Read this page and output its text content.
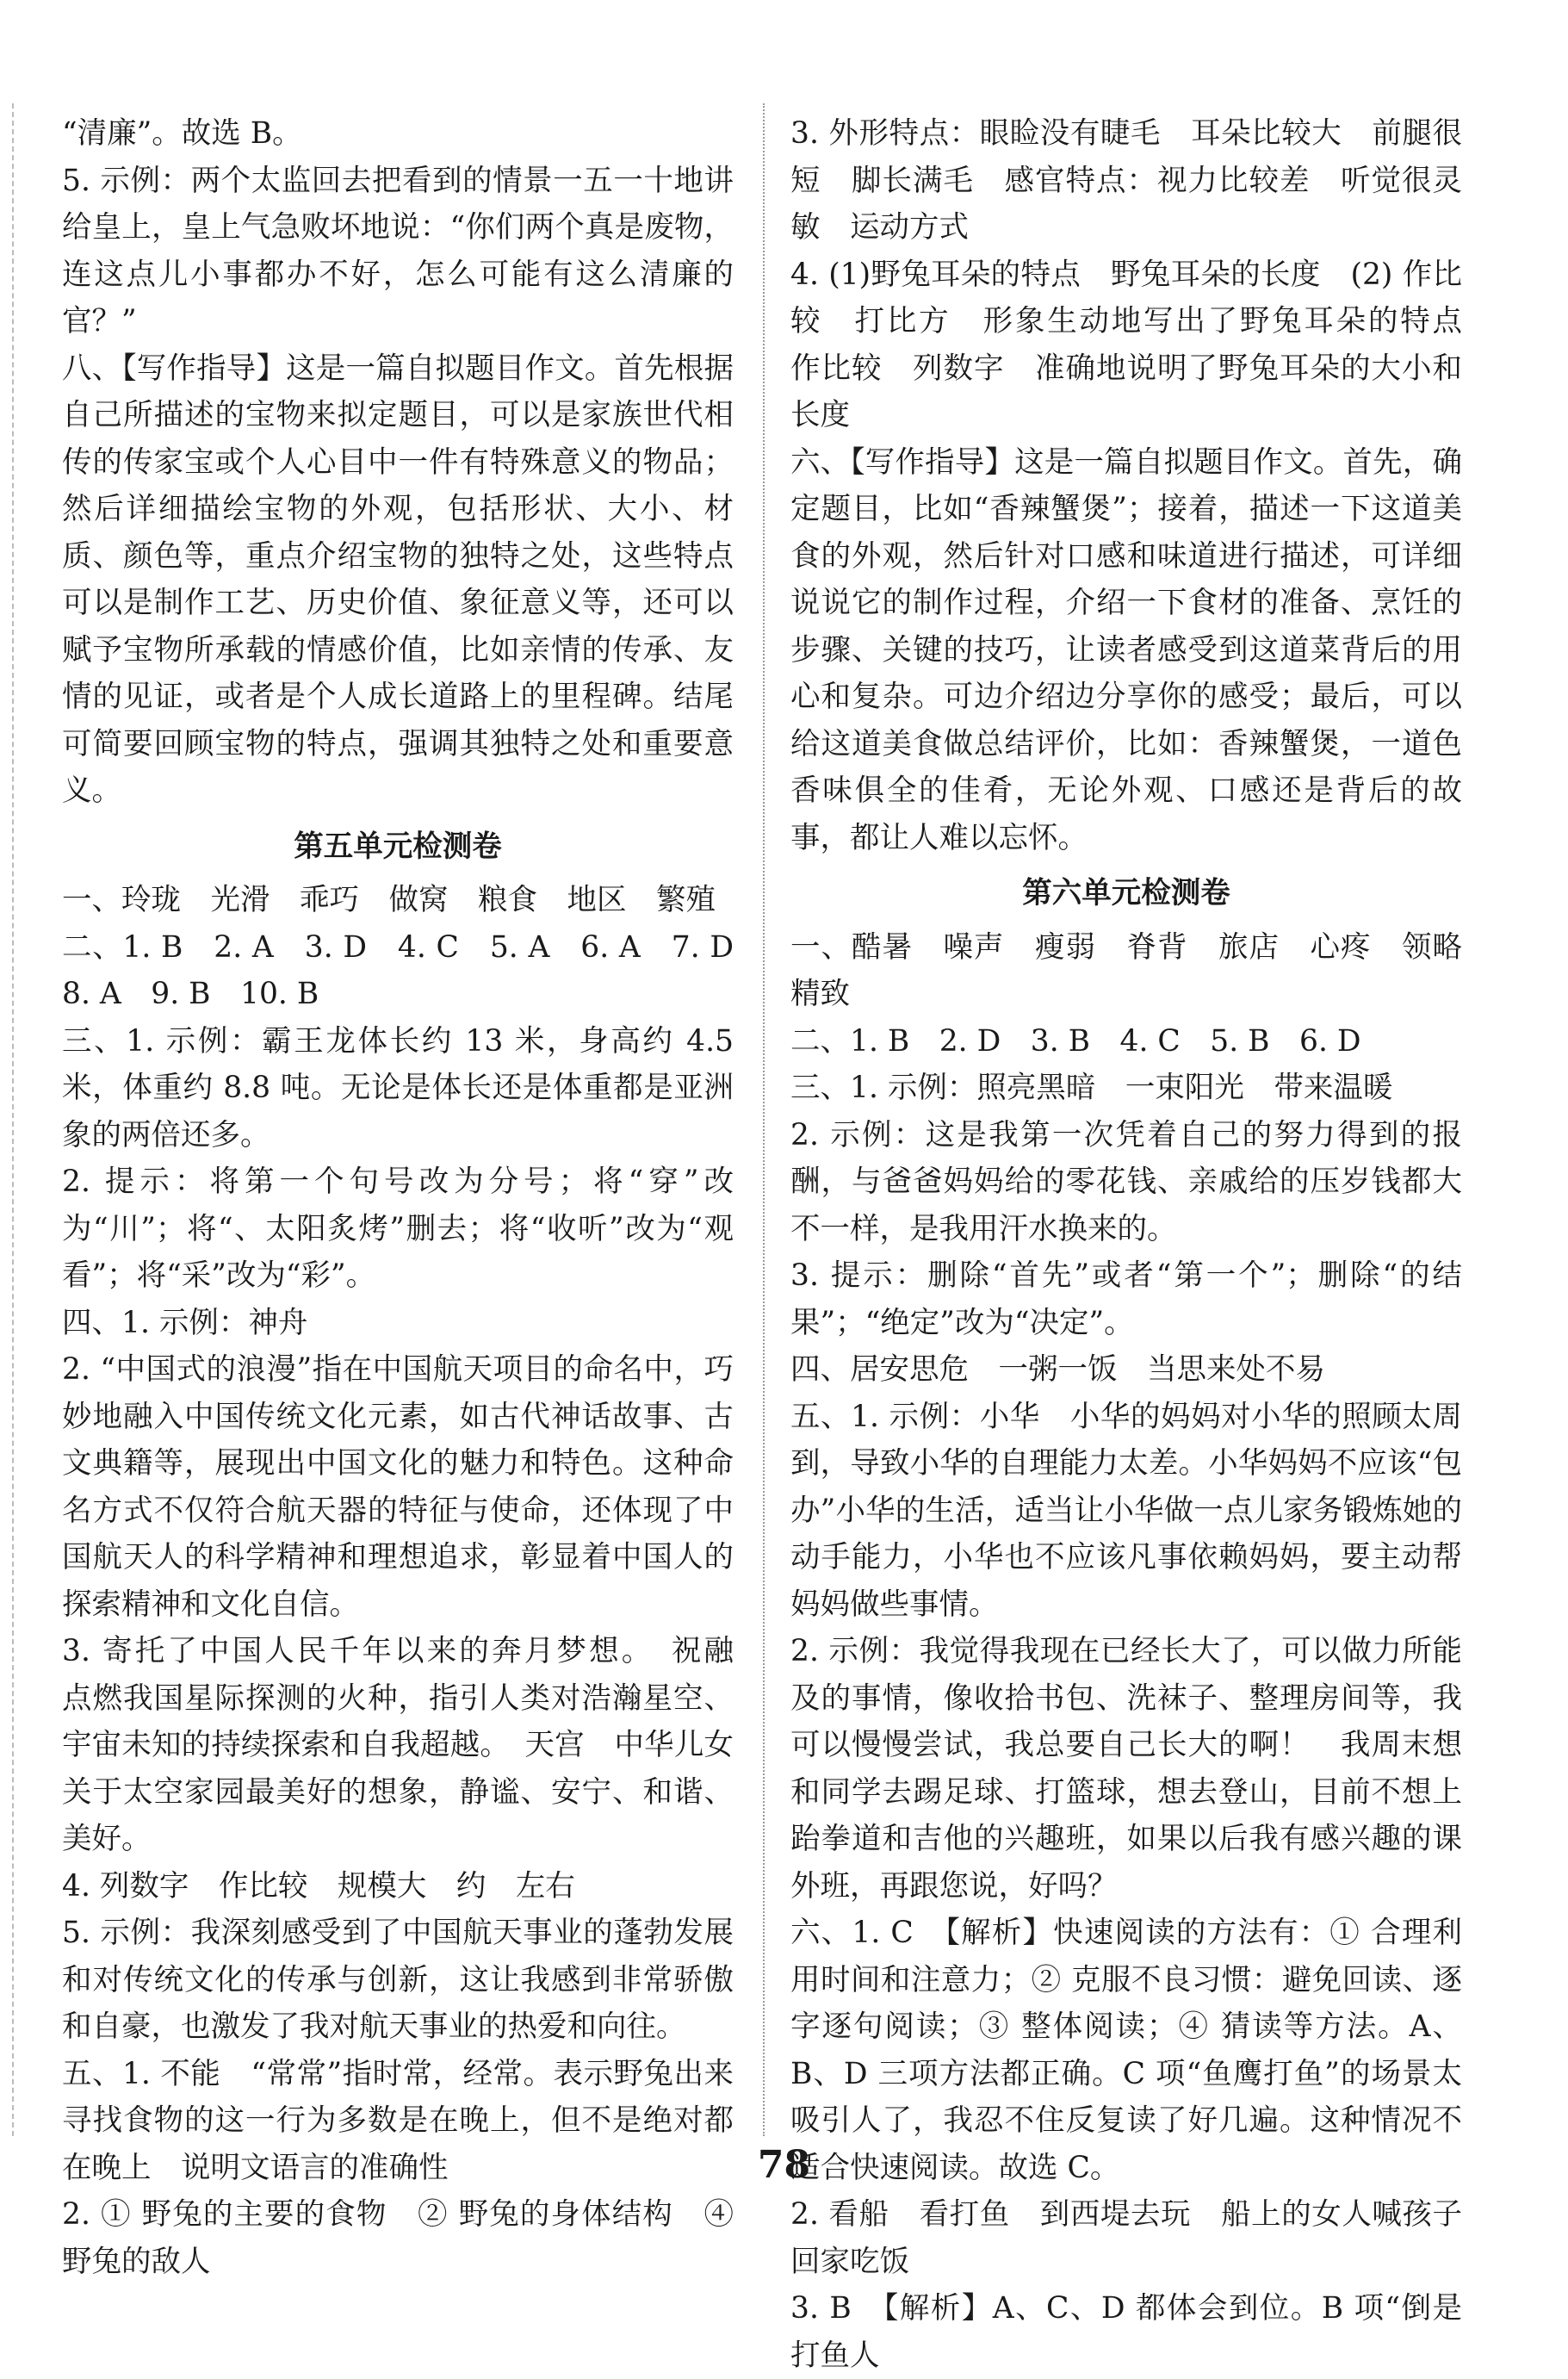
“清廉”。故选 B。

5. 示例：两个太监回去把看到的情景一五一十地讲给皇上，皇上气急败坏地说：“你们两个真是废物，连这点儿小事都办不好，怎么可能有这么清廉的官？”

八、【写作指导】这是一篇自拟题目作文。首先根据自己所描述的宝物来拟定题目，可以是家族世代相传的传家宝或个人心目中一件有特殊意义的物品；然后详细描绘宝物的外观，包括形状、大小、材质、颜色等，重点介绍宝物的独特之处，这些特点可以是制作工艺、历史价值、象征意义等，还可以赋予宝物所承载的情感价值，比如亲情的传承、友情的见证，或者是个人成长道路上的里程碑。结尾可简要回顾宝物的特点，强调其独特之处和重要意义。

第五单元检测卷

一、玲珑　光滑　乖巧　做窝　粮食　地区　繁殖

二、1. B　2. A　3. D　4. C　5. A　6. A　7. D　8. A　9. B　10. B

三、1. 示例：霸王龙体长约 13 米，身高约 4.5 米，体重约 8.8 吨。无论是体长还是体重都是亚洲象的两倍还多。

2. 提示：将第一个句号改为分号；将“穿”改为“川”；将“、太阳炙烤”删去；将“收听”改为“观看”；将“采”改为“彩”。

四、1. 示例：神舟

2. “中国式的浪漫”指在中国航天项目的命名中，巧妙地融入中国传统文化元素，如古代神话故事、古文典籍等，展现出中国文化的魅力和特色。这种命名方式不仅符合航天器的特征与使命，还体现了中国航天人的科学精神和理想追求，彰显着中国人的探索精神和文化自信。

3. 寄托了中国人民千年以来的奔月梦想。　祝融　点燃我国星际探测的火种，指引人类对浩瀚星空、宇宙未知的持续探索和自我超越。　天宫　中华儿女关于太空家园最美好的想象，静谧、安宁、和谐、美好。

4. 列数字　作比较　规模大　约　左右

5. 示例：我深刻感受到了中国航天事业的蓬勃发展和对传统文化的传承与创新，这让我感到非常骄傲和自豪，也激发了我对航天事业的热爱和向往。

五、1. 不能　“常常”指时常，经常。表示野兔出来寻找食物的这一行为多数是在晚上，但不是绝对都在晚上　说明文语言的准确性

2. ① 野兔的主要的食物　② 野兔的身体结构　④ 野兔的敌人

3. 外形特点：眼睑没有睫毛　耳朵比较大　前腿很短　脚长满毛　感官特点：视力比较差　听觉很灵敏　运动方式

4. (1)野兔耳朵的特点　野兔耳朵的长度　(2) 作比较　打比方　形象生动地写出了野兔耳朵的特点　作比较　列数字　准确地说明了野兔耳朵的大小和长度

六、【写作指导】这是一篇自拟题目作文。首先，确定题目，比如“香辣蟹煲”；接着，描述一下这道美食的外观，然后针对口感和味道进行描述，可详细说说它的制作过程，介绍一下食材的准备、烹饪的步骤、关键的技巧，让读者感受到这道菜背后的用心和复杂。可边介绍边分享你的感受；最后，可以给这道美食做总结评价，比如：香辣蟹煲，一道色香味俱全的佳肴，无论外观、口感还是背后的故事，都让人难以忘怀。

第六单元检测卷

一、酷暑　噪声　瘦弱　脊背　旅店　心疼　领略　精致

二、1. B　2. D　3. B　4. C　5. B　6. D

三、1. 示例：照亮黑暗　一束阳光　带来温暖

2. 示例：这是我第一次凭着自己的努力得到的报酬，与爸爸妈妈给的零花钱、亲戚给的压岁钱都大不一样，是我用汗水换来的。

3. 提示：删除“首先”或者“第一个”；删除“的结果”；“绝定”改为“决定”。

四、居安思危　一粥一饭　当思来处不易

五、1. 示例：小华　小华的妈妈对小华的照顾太周到，导致小华的自理能力太差。小华妈妈不应该“包办”小华的生活，适当让小华做一点儿家务锻炼她的动手能力，小华也不应该凡事依赖妈妈，要主动帮妈妈做些事情。

2. 示例：我觉得我现在已经长大了，可以做力所能及的事情，像收拾书包、洗袜子、整理房间等，我可以慢慢尝试，我总要自己长大的啊！　我周末想和同学去踢足球、打篮球，想去登山，目前不想上跆拳道和吉他的兴趣班，如果以后我有感兴趣的课外班，再跟您说，好吗？

六、1. C　【解析】快速阅读的方法有：① 合理利用时间和注意力；② 克服不良习惯：避免回读、逐字逐句阅读；③ 整体阅读；④ 猜读等方法。A、B、D 三项方法都正确。C 项“鱼鹰打鱼”的场景太吸引人了，我忍不住反复读了好几遍。这种情况不适合快速阅读。故选 C。

2. 看船　看打鱼　到西堤去玩　船上的女人喊孩子回家吃饭

3. B　【解析】A、C、D 都体会到位。B 项“倒是打鱼人

78
